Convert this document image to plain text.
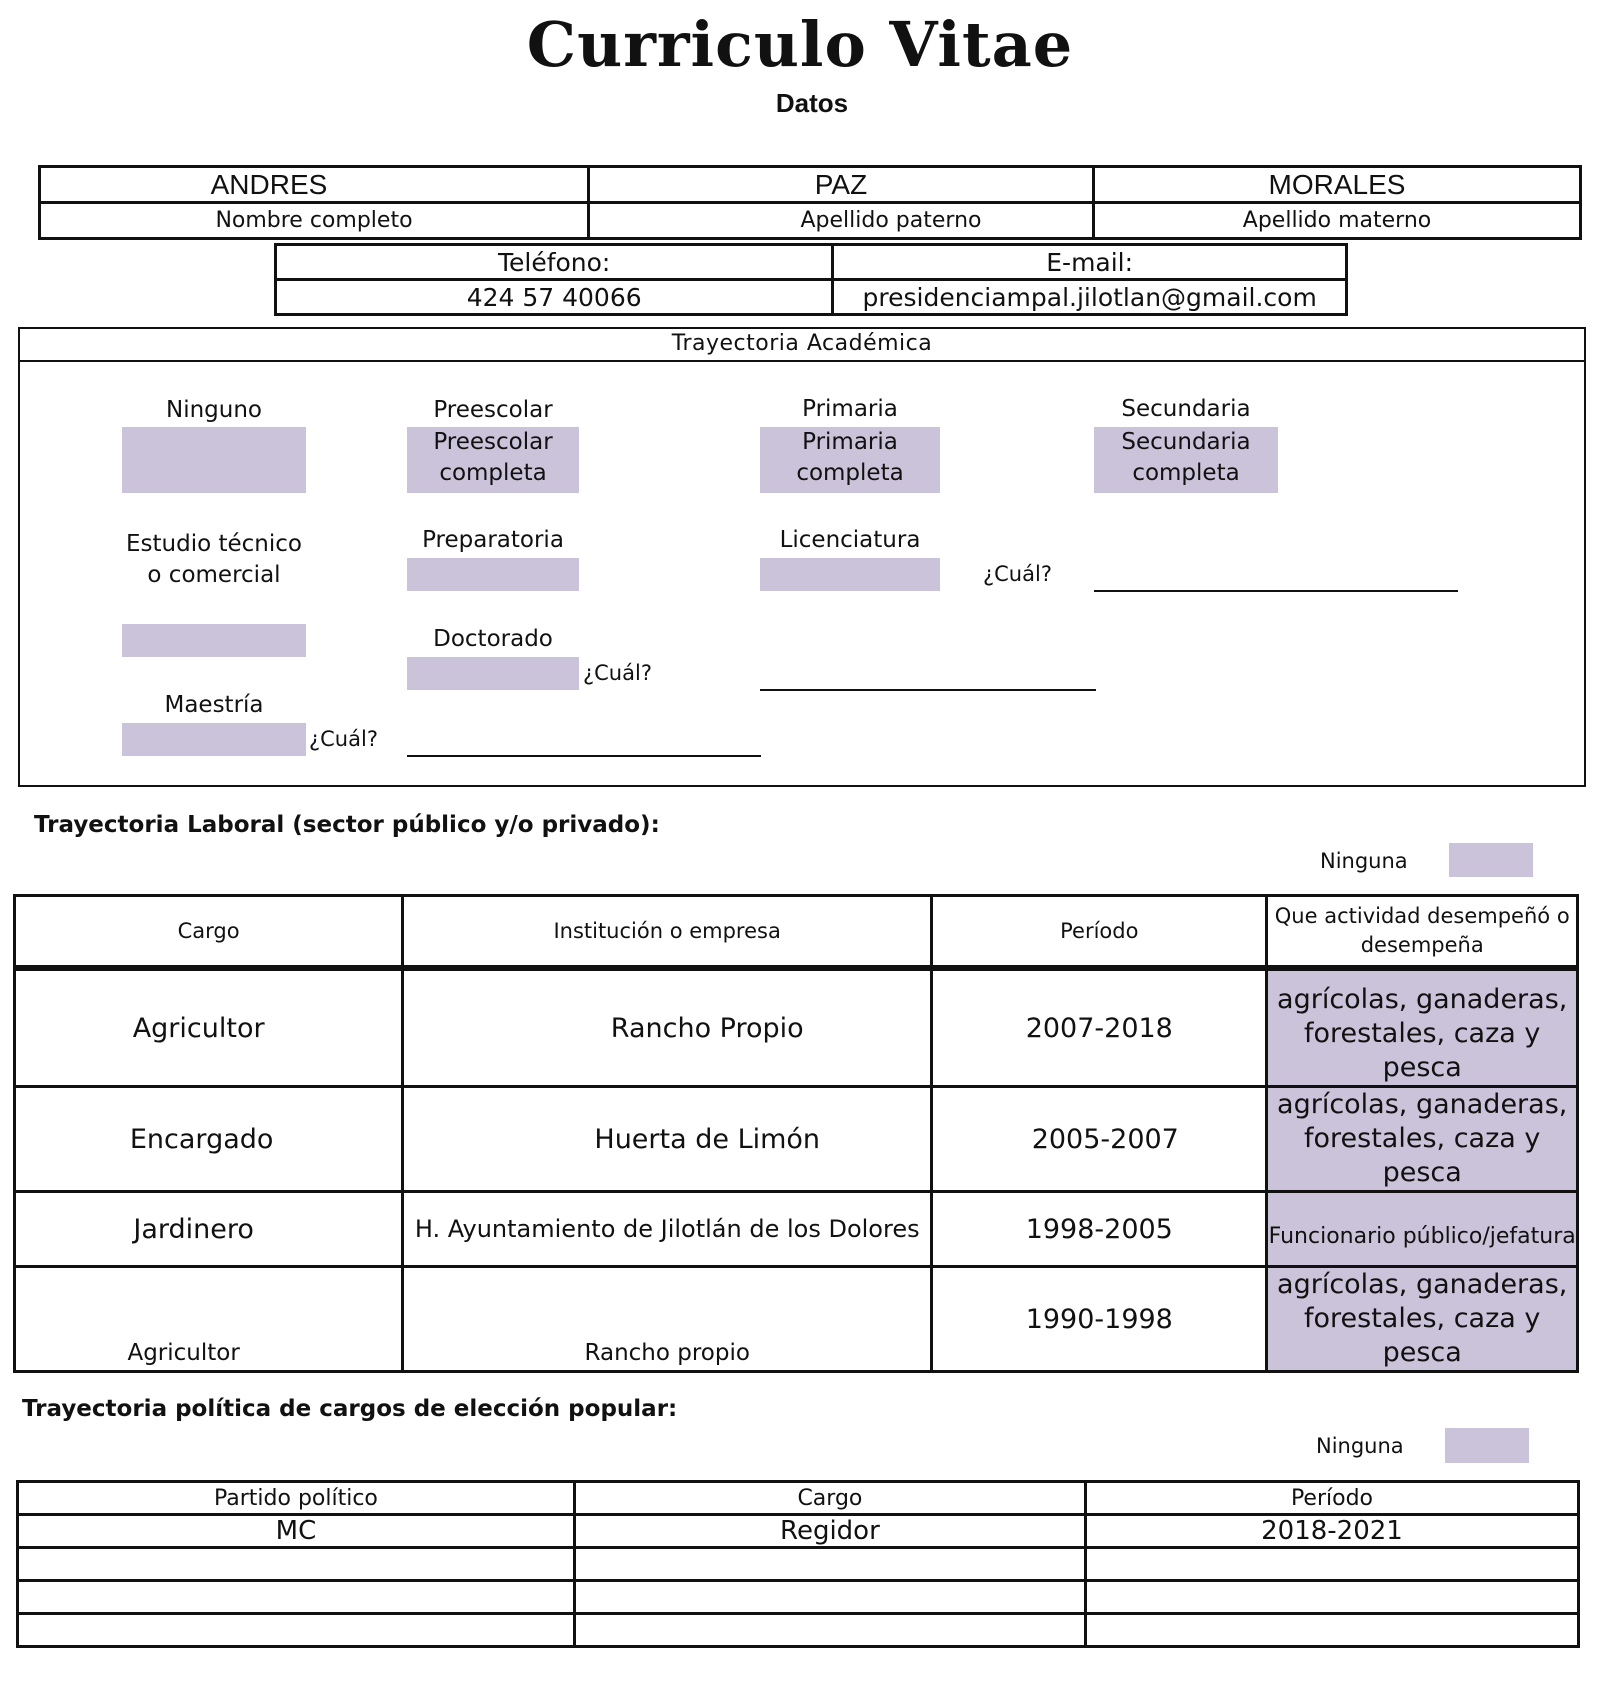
Curriculo Vitae
Datos
ANDRES	PAZ	MORALES
Nombre completo	Apellido paterno	Apellido materno
Teléfono:	E-mail:
424 57 40066	presidenciampal.jilotlan@gmail.com
Trayectoria Académica
Ninguno	Preescolar
Preescolar completa
Primaria
Primaria completa
Secundaria
Secundaria completa
Estudio técnico o comercial
Preparatoria	Licenciatura
¿Cuál?
Doctorado
¿Cuál?
Maestría
¿Cuál?
Trayectoria Laboral (sector público y/o privado):
Ninguna
Cargo	Institución o empresa	Período	Que actividad desempeñó o desempeña
Agricultor	Rancho Propio	2007-2018	agrícolas, ganaderas, forestales, caza y pesca
Encargado	Huerta de Limón	2005-2007	agrícolas, ganaderas, forestales, caza y pesca
Jardinero	H. Ayuntamiento de Jilotlán de los Dolores	1998-2005	Funcionario público/jefatura
Agricultor	Rancho propio	1990-1998	agrícolas, ganaderas, forestales, caza y pesca
Trayectoria política de cargos de elección popular:
Ninguna
Partido político	Cargo	Período
MC	Regidor	2018-2021
